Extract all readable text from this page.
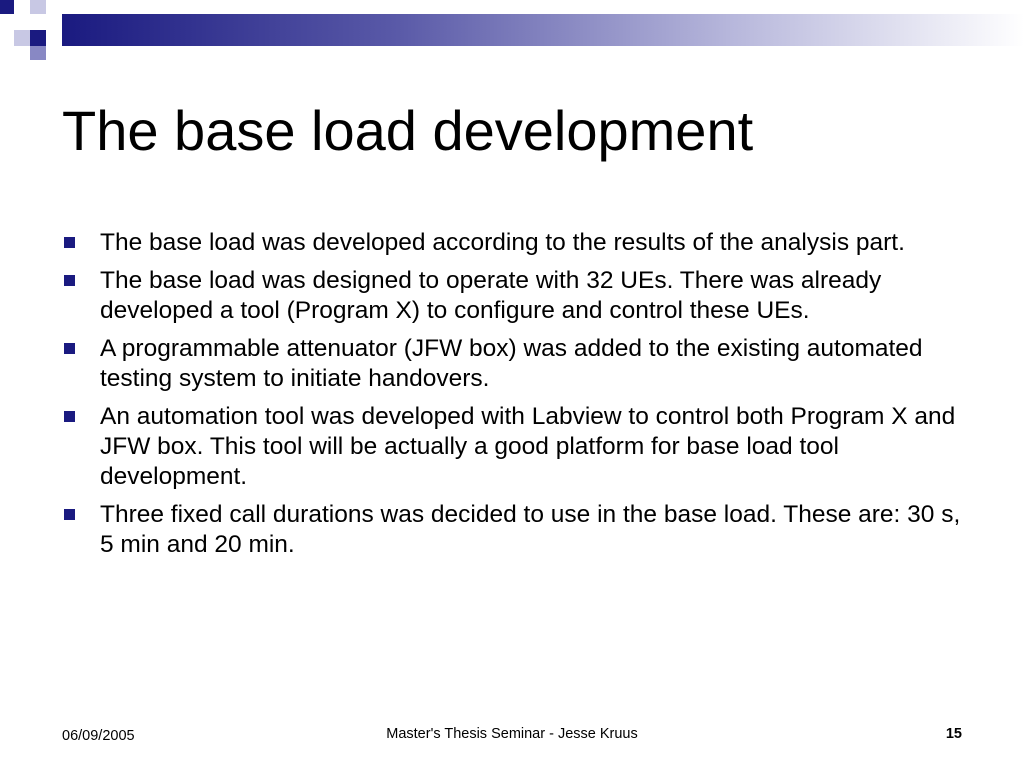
The base load development
The base load was developed according to the results of the analysis part.
The base load was designed to operate with 32 UEs. There was already developed a tool (Program X) to configure and control these UEs.
A programmable attenuator (JFW box) was added to the existing automated testing system to initiate handovers.
An automation tool was developed with Labview to control both Program X and JFW box. This tool will be actually a good platform for base load tool development.
Three fixed call durations was decided to use in the base load. These are: 30 s, 5 min and 20 min.
06/09/2005	Master's Thesis Seminar - Jesse Kruus	15
